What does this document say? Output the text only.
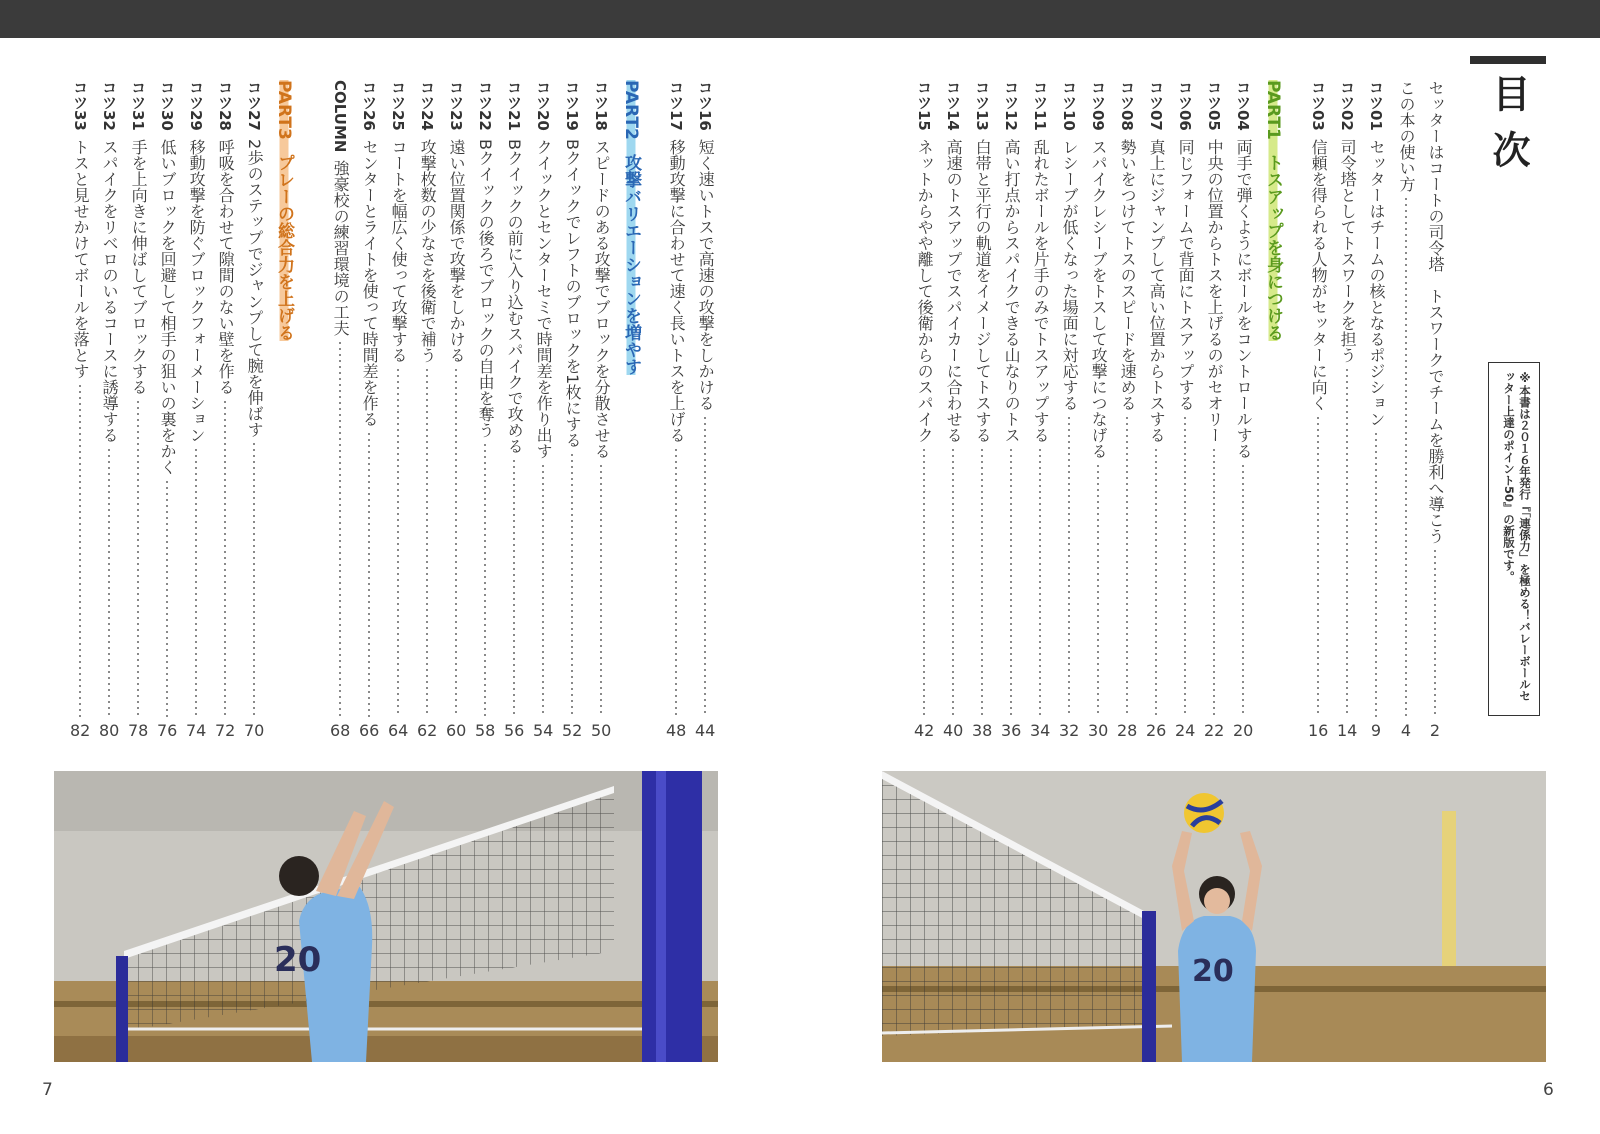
目次
※本書は２０１６年発行『「連係力」を極める！バレーボールセッター上達のポイント50』の新版です。
セッターはコートの司令塔　トスワークでチームを勝利へ導こう
2
この本の使い方
4
コツ01
セッターはチームの核となるポジション
9
コツ02
司令塔としてトスワークを担う
14
コツ03
信頼を得られる人物がセッターに向く
16
コツ04
両手で弾くようにボールをコントロールする
20
コツ05
中央の位置からトスを上げるのがセオリー
22
コツ06
同じフォームで背面にトスアップする
24
コツ07
真上にジャンプして高い位置からトスする
26
コツ08
勢いをつけてトスのスピードを速める
28
コツ09
スパイクレシーブをトスして攻撃につなげる
30
コツ10
レシーブが低くなった場面に対応する
32
コツ11
乱れたボールを片手のみでトスアップする
34
コツ12
高い打点からスパイクできる山なりのトス
36
コツ13
白帯と平行の軌道をイメージしてトスする
38
コツ14
高速のトスアップでスパイカーに合わせる
40
コツ15
ネットからやや離して後衛からのスパイク
42
PART1トスアップを身につける
PART2攻撃バリエーションを増やす
PART3プレーの総合力を上げる
コツ16
短く速いトスで高速の攻撃をしかける
44
コツ17
移動攻撃に合わせて速く長いトスを上げる
48
コツ18
スピードのある攻撃でブロックを分散させる
50
コツ19
Bクイックでレフトのブロックを1枚にする
52
コツ20
クイックとセンターセミで時間差を作り出す
54
コツ21
Bクイックの前に入り込むスパイクで攻める
56
コツ22
Bクイックの後ろでブロックの自由を奪う
58
コツ23
遠い位置関係で攻撃をしかける
60
コツ24
攻撃枚数の少なさを後衛で補う
62
コツ25
コートを幅広く使って攻撃する
64
コツ26
センターとライトを使って時間差を作る
66
COLUMN
強豪校の練習環境の工夫
68
コツ27
2歩のステップでジャンプして腕を伸ばす
70
コツ28
呼吸を合わせて隙間のない壁を作る
72
コツ29
移動攻撃を防ぐブロックフォーメーション
74
コツ30
低いブロックを回避して相手の狙いの裏をかく
76
コツ31
手を上向きに伸ばしてブロックする
78
コツ32
スパイクをリベロのいるコースに誘導する
80
コツ33
トスと見せかけてボールを落とす
82
20	20
7	6
